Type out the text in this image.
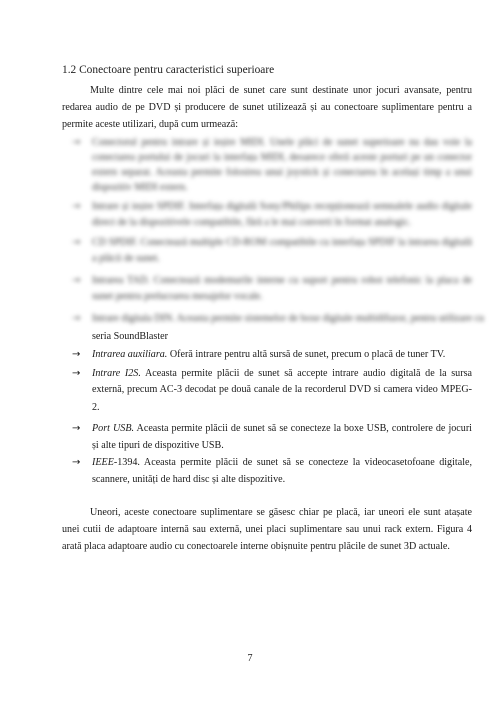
1.2 Conectoare pentru caracteristici superioare
Multe dintre cele mai noi plăci de sunet care sunt destinate unor jocuri avansate, pentru
redarea audio de pe DVD și producere de sunet utilizează și au conectoare suplimentare pentru a
permite aceste utilizari, după cum urmează:
→	Conectorul pentru intrare și ieșire MIDI. Unele plăci de sunet superioare nu dau voie la
conectarea portului de jocuri la interfața MIDI, deoarece oferă aceste porturi pe un conector
extern separat. Aceasta permite folosirea unui joystick și conectarea în același timp a unui
dispozitiv MIDI extern.
→	Intrare și ieșire SPDIF. Interfața digitală Sony/Philips recepționează semnalele audio digitale
direct de la dispozitivele compatibile, fără a le mai converti în format analogic.
→	CD SPDIF. Conectează multiple CD-ROM compatibile cu interfața SPDIF la intrarea digitală
a plăcii de sunet.
→	Intrarea TAD. Conectează modemurile interne cu suport pentru robot telefonic la placa de
sunet pentru prelucrarea mesajelor vocale.
→	Intrare digitala DIN. Aceasta permite sistemelor de boxe digitale multidifuzor, pentru utilizare cu
seria SoundBlaster
→	Intrarea auxiliara. Oferă intrare pentru altă sursă de sunet, precum o placă de tuner TV.
→	Intrare I2S. Aceasta permite plăcii de sunet să accepte intrare audio digitală de la sursa
externă, precum AC-3 decodat pe două canale de la recorderul DVD si camera video MPEG-
2.
→	Port USB. Aceasta permite plăcii de sunet să se conecteze la boxe USB, controlere de jocuri
și alte tipuri de dispozitive USB.
→	IEEE-1394. Aceasta permite plăcii de sunet să se conecteze la videocasetofoane digitale,
scannere, unități de hard disc și alte dispozitive.
Uneori, aceste conectoare suplimentare se găsesc chiar pe placă, iar uneori ele sunt atașate
unei cutii de adaptoare internă sau externă, unei placi suplimentare sau unui rack extern. Figura 4
arată placa adaptoare audio cu conectoarele interne obișnuite pentru plăcile de sunet 3D actuale.
7
